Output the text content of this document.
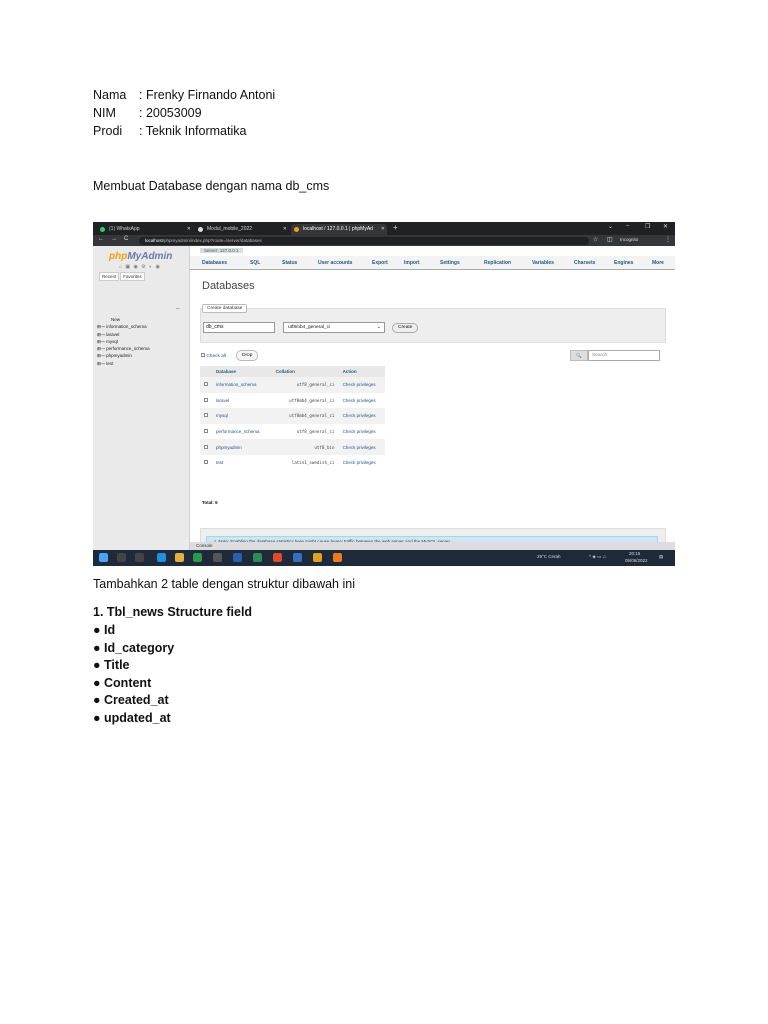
Nama : Frenky Firnando Antoni
NIM : 20053009
Prodi : Teknik Informatika
Membuat Database dengan nama db_cms
(1) WhatsApp	✕	Modul_mobile_2022	✕	localhost / 127.0.0.1 | phpMyAd ✕ +	⌄ –	❐ ✕
← → C	localhost/phpmyadmin/index.php?route=/server/databases	☆ ◫ Incognito	⋮
phpMyAdmin
⌂ ▣ ◉ ⚙ ◐ ◉
Recent Favorites
⇔
New
⊞–▫ information_schema
⊞–▫ laravel
⊞–▫ mysql
⊞–▫ performance_schema
⊞–▫ phpmyadmin
⊞–▫ test
Server: 127.0.0.1
Databases	SQL	Status	User accounts	Export	Import	Settings	Replication	Variables	Charsets	Engines	More
Databases
Create database
db_cms	utf8mb4_general_ci	⌄	Create
Check all	Drop	🔍	Search
	Database	Collation	Action
	information_schema	utf8_general_ci	Check privileges
	laravel	utf8mb4_general_ci	Check privileges
	mysql	utf8mb4_general_ci	Check privileges
	performance_schema	utf8_general_ci	Check privileges
	phpmyadmin	utf8_bin	Check privileges
	test	latin1_swedish_ci	Check privileges
Total: 6
Console
29°C Cerah	^ ◈ ▭ ♫
20:15
05/06/2022
▤
Tambahkan 2 table dengan struktur dibawah ini
1. Tbl_news Structure field
● Id
● Id_category
● Title
● Content
● Created_at
● updated_at
